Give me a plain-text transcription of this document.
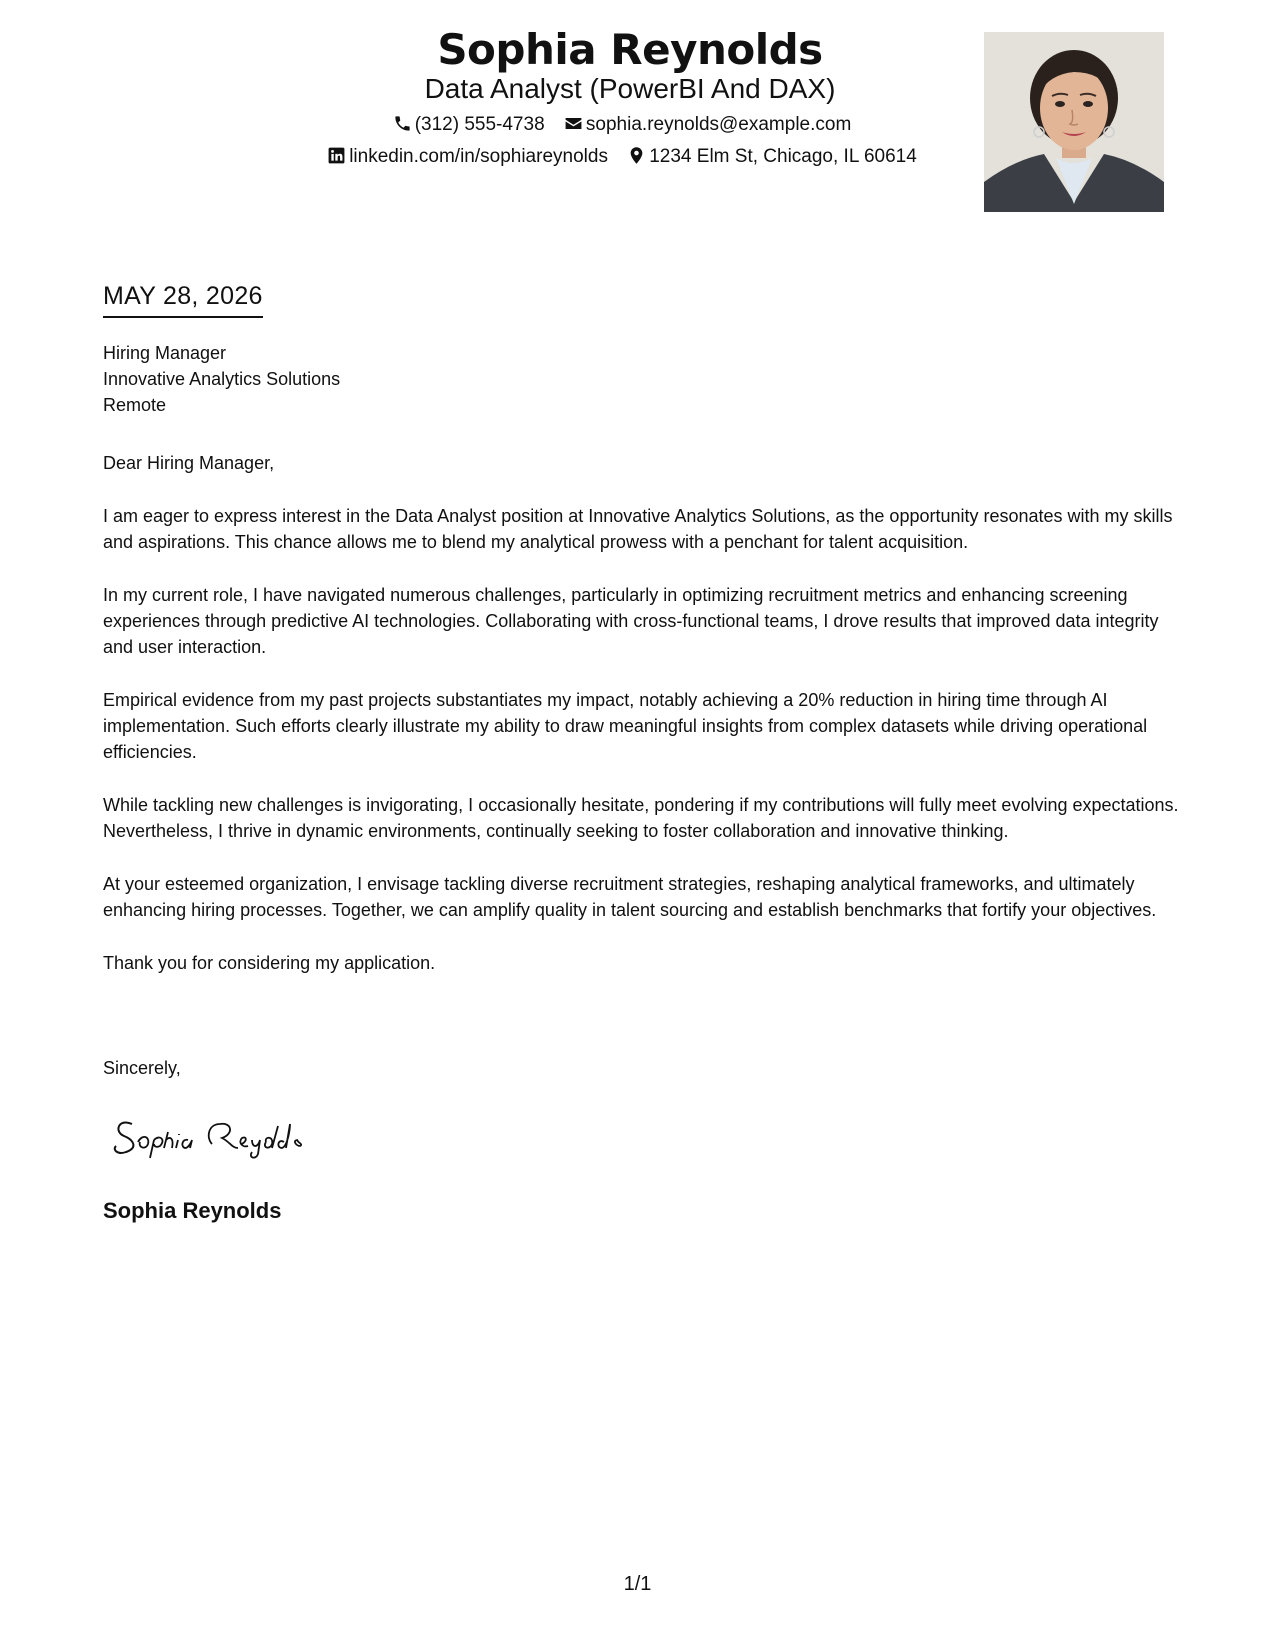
Sophia Reynolds
Data Analyst (PowerBI And DAX)
(312) 555-4738 sophia.reynolds@example.com
linkedin.com/in/sophiareynolds 1234 Elm St, Chicago, IL 60614
MAY 28, 2026
Hiring Manager
Innovative Analytics Solutions
Remote

Dear Hiring Manager,

I am eager to express interest in the Data Analyst position at Innovative Analytics Solutions, as the opportunity resonates with my skills and aspirations. This chance allows me to blend my analytical prowess with a penchant for talent acquisition.

In my current role, I have navigated numerous challenges, particularly in optimizing recruitment metrics and enhancing screening experiences through predictive AI technologies. Collaborating with cross-functional teams, I drove results that improved data integrity and user interaction.

Empirical evidence from my past projects substantiates my impact, notably achieving a 20% reduction in hiring time through AI implementation. Such efforts clearly illustrate my ability to draw meaningful insights from complex datasets while driving operational efficiencies.

While tackling new challenges is invigorating, I occasionally hesitate, pondering if my contributions will fully meet evolving expectations. Nevertheless, I thrive in dynamic environments, continually seeking to foster collaboration and innovative thinking.

At your esteemed organization, I envisage tackling diverse recruitment strategies, reshaping analytical frameworks, and ultimately enhancing hiring processes. Together, we can amplify quality in talent sourcing and establish benchmarks that fortify your objectives.

Thank you for considering my application.

Sincerely,
Sophia Reynolds
1/1
